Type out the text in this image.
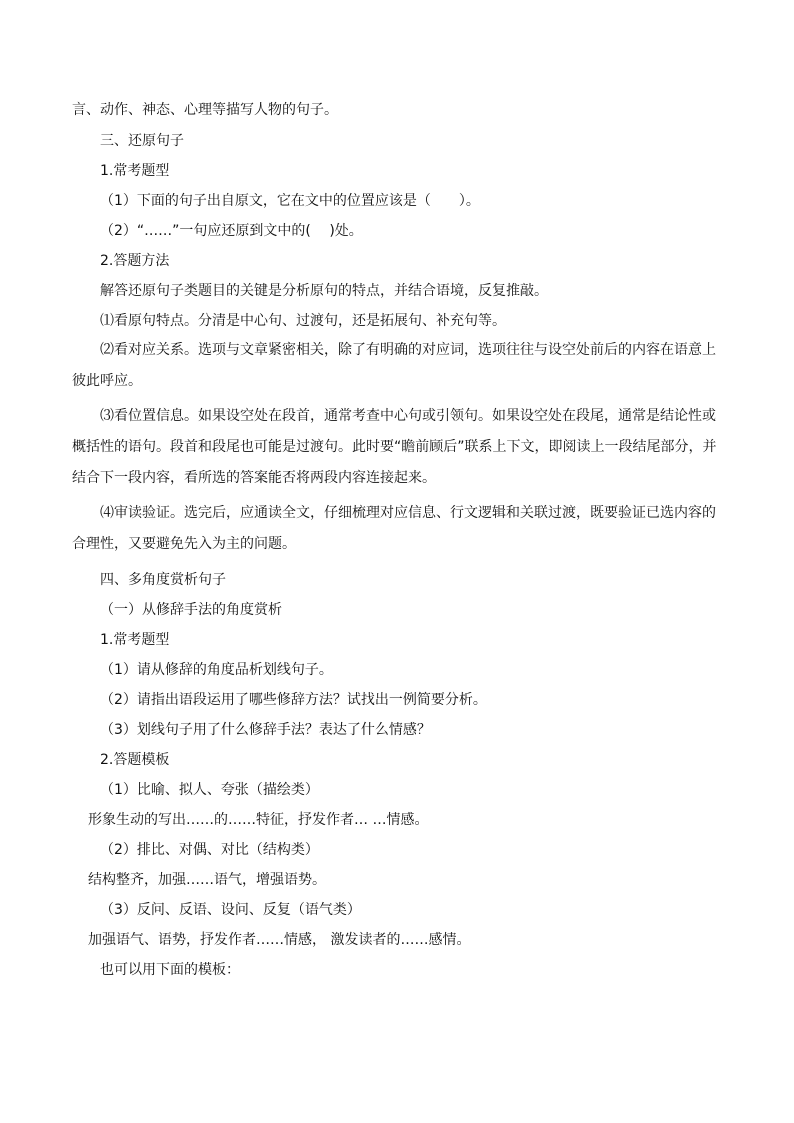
言、动作、神态、心理等描写人物的句子。

三、还原句子

1.常考题型

（1）下面的句子出自原文，它在文中的位置应该是（　　）。

（2）“……”一句应还原到文中的(　 )处。

2.答题方法

解答还原句子类题目的关键是分析原句的特点，并结合语境，反复推敲。

⑴看原句特点。分清是中心句、过渡句，还是拓展句、补充句等。

⑵看对应关系。选项与文章紧密相关，除了有明确的对应词，选项往往与设空处前后的内容在语意上彼此呼应。

⑶看位置信息。如果设空处在段首，通常考查中心句或引领句。如果设空处在段尾，通常是结论性或概括性的语句。段首和段尾也可能是过渡句。此时要“瞻前顾后”联系上下文，即阅读上一段结尾部分，并结合下一段内容，看所选的答案能否将两段内容连接起来。

⑷审读验证。选完后，应通读全文，仔细梳理对应信息、行文逻辑和关联过渡，既要验证已选内容的合理性，又要避免先入为主的问题。

四、多角度赏析句子

（一）从修辞手法的角度赏析

1.常考题型

（1）请从修辞的角度品析划线句子。

（2）请指出语段运用了哪些修辞方法？试找出一例简要分析。

（3）划线句子用了什么修辞手法？表达了什么情感？

2.答题模板

（1）比喻、拟人、夸张（描绘类）

形象生动的写出……的……特征，抒发作者… …情感。

（2）排比、对偶、对比（结构类）

结构整齐，加强……语气，增强语势。

（3）反问、反语、设问、反复（语气类）

加强语气、语势，抒发作者……情感， 激发读者的……感情。

也可以用下面的模板：
